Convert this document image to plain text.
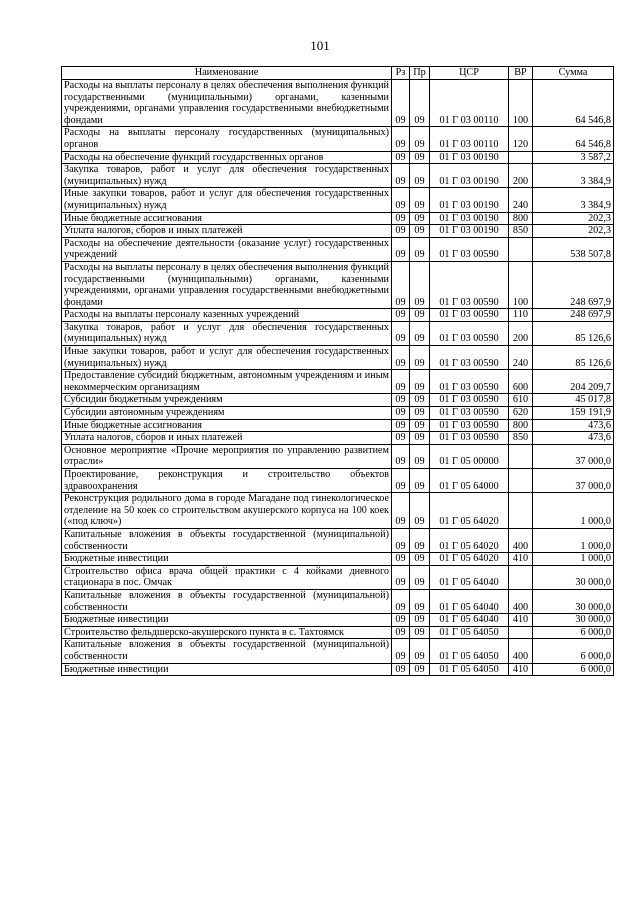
101
Наименование	Рз	Пр	ЦСР	ВР	Сумма
Расходы на выплаты персоналу в целях обеспечения выполнения функций государственными (муниципальными) органами, казенными учреждениями, органами управления государственными внебюджетными фондами	09	09	01 Г 03 00110	100	64 546,8
Расходы на выплаты персоналу государственных (муниципальных) органов	09	09	01 Г 03 00110	120	64 546,8
Расходы на обеспечение функций государственных органов	09	09	01 Г 03 00190		3 587,2
Закупка товаров, работ и услуг для обеспечения государственных (муниципальных) нужд	09	09	01 Г 03 00190	200	3 384,9
Иные закупки товаров, работ и услуг для обеспечения государственных (муниципальных) нужд	09	09	01 Г 03 00190	240	3 384,9
Иные бюджетные ассигнования	09	09	01 Г 03 00190	800	202,3
Уплата налогов, сборов и иных платежей	09	09	01 Г 03 00190	850	202,3
Расходы на обеспечение деятельности (оказание услуг) государственных учреждений	09	09	01 Г 03 00590		538 507,8
Расходы на выплаты персоналу в целях обеспечения выполнения функций государственными (муниципальными) органами, казенными учреждениями, органами управления государственными внебюджетными фондами	09	09	01 Г 03 00590	100	248 697,9
Расходы на выплаты персоналу казенных учреждений	09	09	01 Г 03 00590	110	248 697,9
Закупка товаров, работ и услуг для обеспечения государственных (муниципальных) нужд	09	09	01 Г 03 00590	200	85 126,6
Иные закупки товаров, работ и услуг для обеспечения государственных (муниципальных) нужд	09	09	01 Г 03 00590	240	85 126,6
Предоставление субсидий бюджетным, автономным учреждениям и иным некоммерческим организациям	09	09	01 Г 03 00590	600	204 209,7
Субсидии бюджетным учреждениям	09	09	01 Г 03 00590	610	45 017,8
Субсидии автономным учреждениям	09	09	01 Г 03 00590	620	159 191,9
Иные бюджетные ассигнования	09	09	01 Г 03 00590	800	473,6
Уплата налогов, сборов и иных платежей	09	09	01 Г 03 00590	850	473,6
Основное мероприятие «Прочие мероприятия по управлению развитием отрасли»	09	09	01 Г 05 00000		37 000,0
Проектирование, реконструкция и строительство объектов здравоохранения	09	09	01 Г 05 64000		37 000,0
Реконструкция родильного дома в городе Магадане под гинекологическое отделение на 50 коек со строительством акушерского корпуса на 100 коек («под ключ»)	09	09	01 Г 05 64020		1 000,0
Капитальные вложения в объекты государственной (муниципальной) собственности	09	09	01 Г 05 64020	400	1 000,0
Бюджетные инвестиции	09	09	01 Г 05 64020	410	1 000,0
Строительство офиса врача общей практики с 4 койками дневного стационара в пос. Омчак	09	09	01 Г 05 64040		30 000,0
Капитальные вложения в объекты государственной (муниципальной) собственности	09	09	01 Г 05 64040	400	30 000,0
Бюджетные инвестиции	09	09	01 Г 05 64040	410	30 000,0
Строительство фельдшерско-акушерского пункта в с. Тахтоямск	09	09	01 Г 05 64050		6 000,0
Капитальные вложения в объекты государственной (муниципальной) собственности	09	09	01 Г 05 64050	400	6 000,0
Бюджетные инвестиции	09	09	01 Г 05 64050	410	6 000,0
